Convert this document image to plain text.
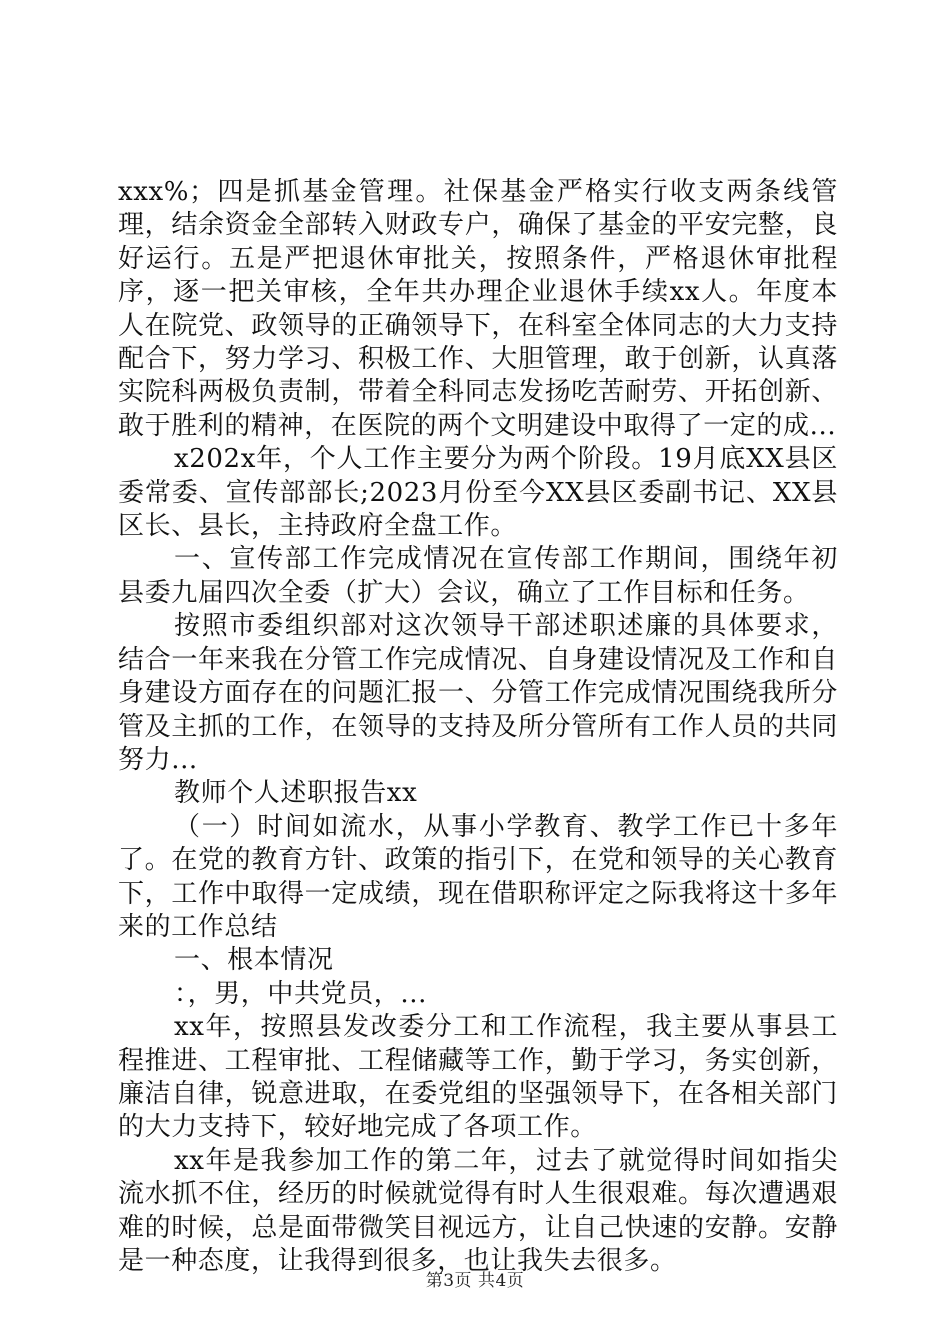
xxx%；四是抓基金管理。社保基金严格实行收支两条线管理，结余资金全部转入财政专户，确保了基金的平安完整，良好运行。五是严把退休审批关，按照条件，严格退休审批程序，逐一把关审核，全年共办理企业退休手续xx人。年度本人在院党、政领导的正确领导下，在科室全体同志的大力支持配合下，努力学习、积极工作、大胆管理，敢于创新，认真落实院科两极负责制，带着全科同志发扬吃苦耐劳、开拓创新、敢于胜利的精神，在医院的两个文明建设中取得了一定的成...

x202x年，个人工作主要分为两个阶段。19月底XX县区委常委、宣传部部长;2023月份至今XX县区委副书记、XX县区长、县长，主持政府全盘工作。

一、宣传部工作完成情况在宣传部工作期间，围绕年初县委九届四次全委（扩大）会议，确立了工作目标和任务。

按照市委组织部对这次领导干部述职述廉的具体要求，结合一年来我在分管工作完成情况、自身建设情况及工作和自身建设方面存在的问题汇报一、分管工作完成情况围绕我所分管及主抓的工作，在领导的支持及所分管所有工作人员的共同努力...

教师个人述职报告xx

（一）时间如流水，从事小学教育、教学工作已十多年了。在党的教育方针、政策的指引下，在党和领导的关心教育下，工作中取得一定成绩，现在借职称评定之际我将这十多年来的工作总结

一、根本情况

：，男，中共党员，...

xx年，按照县发改委分工和工作流程，我主要从事县工程推进、工程审批、工程储藏等工作，勤于学习，务实创新，廉洁自律，锐意进取，在委党组的坚强领导下，在各相关部门的大力支持下，较好地完成了各项工作。

xx年是我参加工作的第二年，过去了就觉得时间如指尖流水抓不住，经历的时候就觉得有时人生很艰难。每次遭遇艰难的时候，总是面带微笑目视远方，让自己快速的安静。安静是一种态度，让我得到很多，也让我失去很多。

第3页 共4页
